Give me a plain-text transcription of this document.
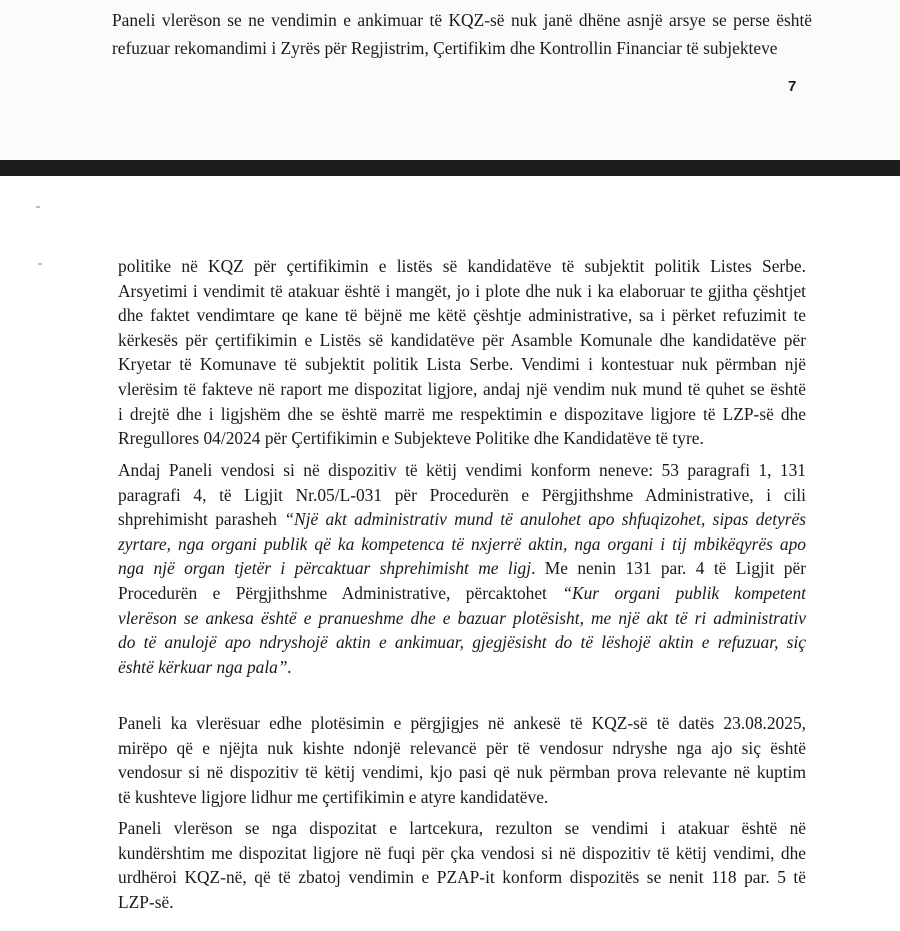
Paneli vlerëson se ne vendimin e ankimuar të KQZ-së nuk janë dhëne asnjë arsye se perse është
refuzuar rekomandimi i Zyrës për Regjistrim, Çertifikim dhe Kontrollin Financiar të subjekteve

7

politike në KQZ për çertifikimin e listës së kandidatëve të subjektit politik Listes Serbe.
Arsyetimi i vendimit të atakuar është i mangët, jo i plote dhe nuk i ka elaboruar te gjitha çështjet
dhe faktet vendimtare qe kane të bëjnë me këtë çështje administrative, sa i përket refuzimit te
kërkesës për çertifikimin e Listës së kandidatëve për Asamble Komunale dhe kandidatëve për
Kryetar të Komunave të subjektit politik Lista Serbe. Vendimi i kontestuar nuk përmban një
vlerësim të fakteve në raport me dispozitat ligjore, andaj një vendim nuk mund të quhet se është
i drejtë dhe i ligjshëm dhe se është marrë me respektimin e dispozitave ligjore të LZP-së dhe
Rregullores 04/2024 për Çertifikimin e Subjekteve Politike dhe Kandidatëve të tyre.

Andaj Paneli vendosi si në dispozitiv të këtij vendimi konform neneve: 53 paragrafi 1, 131
paragrafi 4, të Ligjit Nr.05/L-031 për Procedurën e Përgjithshme Administrative, i cili
shprehimisht parasheh “Një akt administrativ mund të anulohet apo shfuqizohet, sipas detyrës
zyrtare, nga organi publik që ka kompetenca të nxjerrë aktin, nga organi i tij mbikëqyrës apo
nga një organ tjetër i përcaktuar shprehimisht me ligj. Me nenin 131 par. 4 të Ligjit për
Procedurën e Përgjithshme Administrative, përcaktohet “Kur organi publik kompetent
vlerëson se ankesa është e pranueshme dhe e bazuar plotësisht, me një akt të ri administrativ
do të anulojë apo ndryshojë aktin e ankimuar, gjegjësisht do të lëshojë aktin e refuzuar, siç
është kërkuar nga pala”.

Paneli ka vlerësuar edhe plotësimin e përgjigjes në ankesë të KQZ-së të datës 23.08.2025,
mirëpo që e njëjta nuk kishte ndonjë relevancë për të vendosur ndryshe nga ajo siç është
vendosur si në dispozitiv të këtij vendimi, kjo pasi që nuk përmban prova relevante në kuptim
të kushteve ligjore lidhur me çertifikimin e atyre kandidatëve.

Paneli vlerëson se nga dispozitat e lartcekura, rezulton se vendimi i atakuar është në
kundërshtim me dispozitat ligjore në fuqi për çka vendosi si në dispozitiv të këtij vendimi, dhe
urdhëroi KQZ-në, që të zbatoj vendimin e PZAP-it konform dispozitës se nenit 118 par. 5 të
LZP-së.
